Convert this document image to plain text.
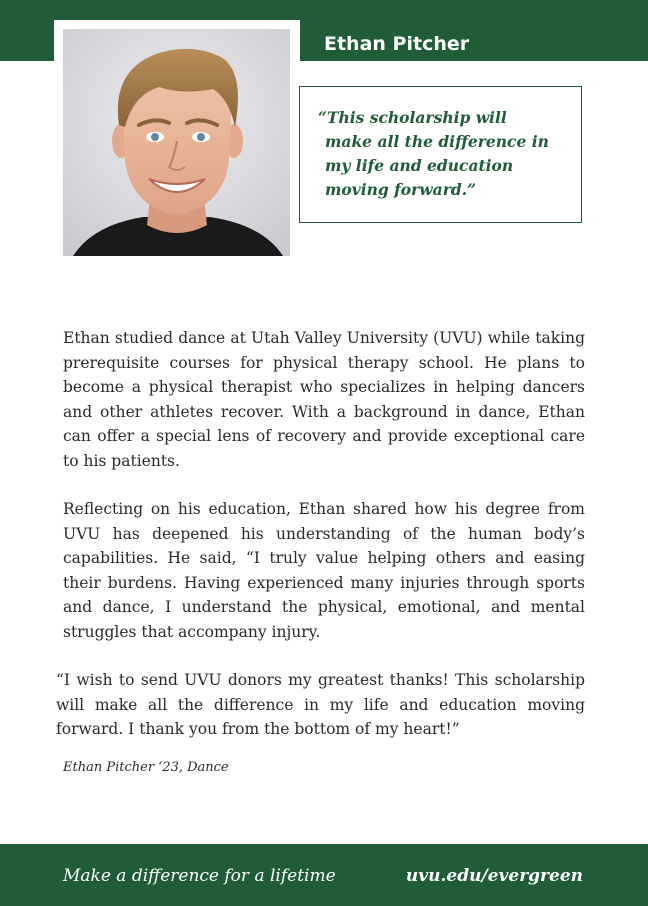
Ethan Pitcher
“This scholarship will
make all the difference in
my life and education
moving forward.”

Ethan studied dance at Utah Valley University (UVU) while taking prerequisite courses for physical therapy school. He plans to become a physical therapist who specializes in helping dancers and other athletes recover. With a background in dance, Ethan can offer a special lens of recovery and provide exceptional care to his patients.

Reflecting on his education, Ethan shared how his degree from UVU has deepened his understanding of the human body’s capabilities. He said, “I truly value helping others and easing their burdens. Having experienced many injuries through sports and dance, I understand the physical, emotional, and mental struggles that accompany injury.

“I wish to send UVU donors my greatest thanks! This scholarship will make all the difference in my life and education moving forward. I thank you from the bottom of my heart!”

Ethan Pitcher ‘23, Dance
Make a difference for a lifetime	uvu.edu/evergreen
